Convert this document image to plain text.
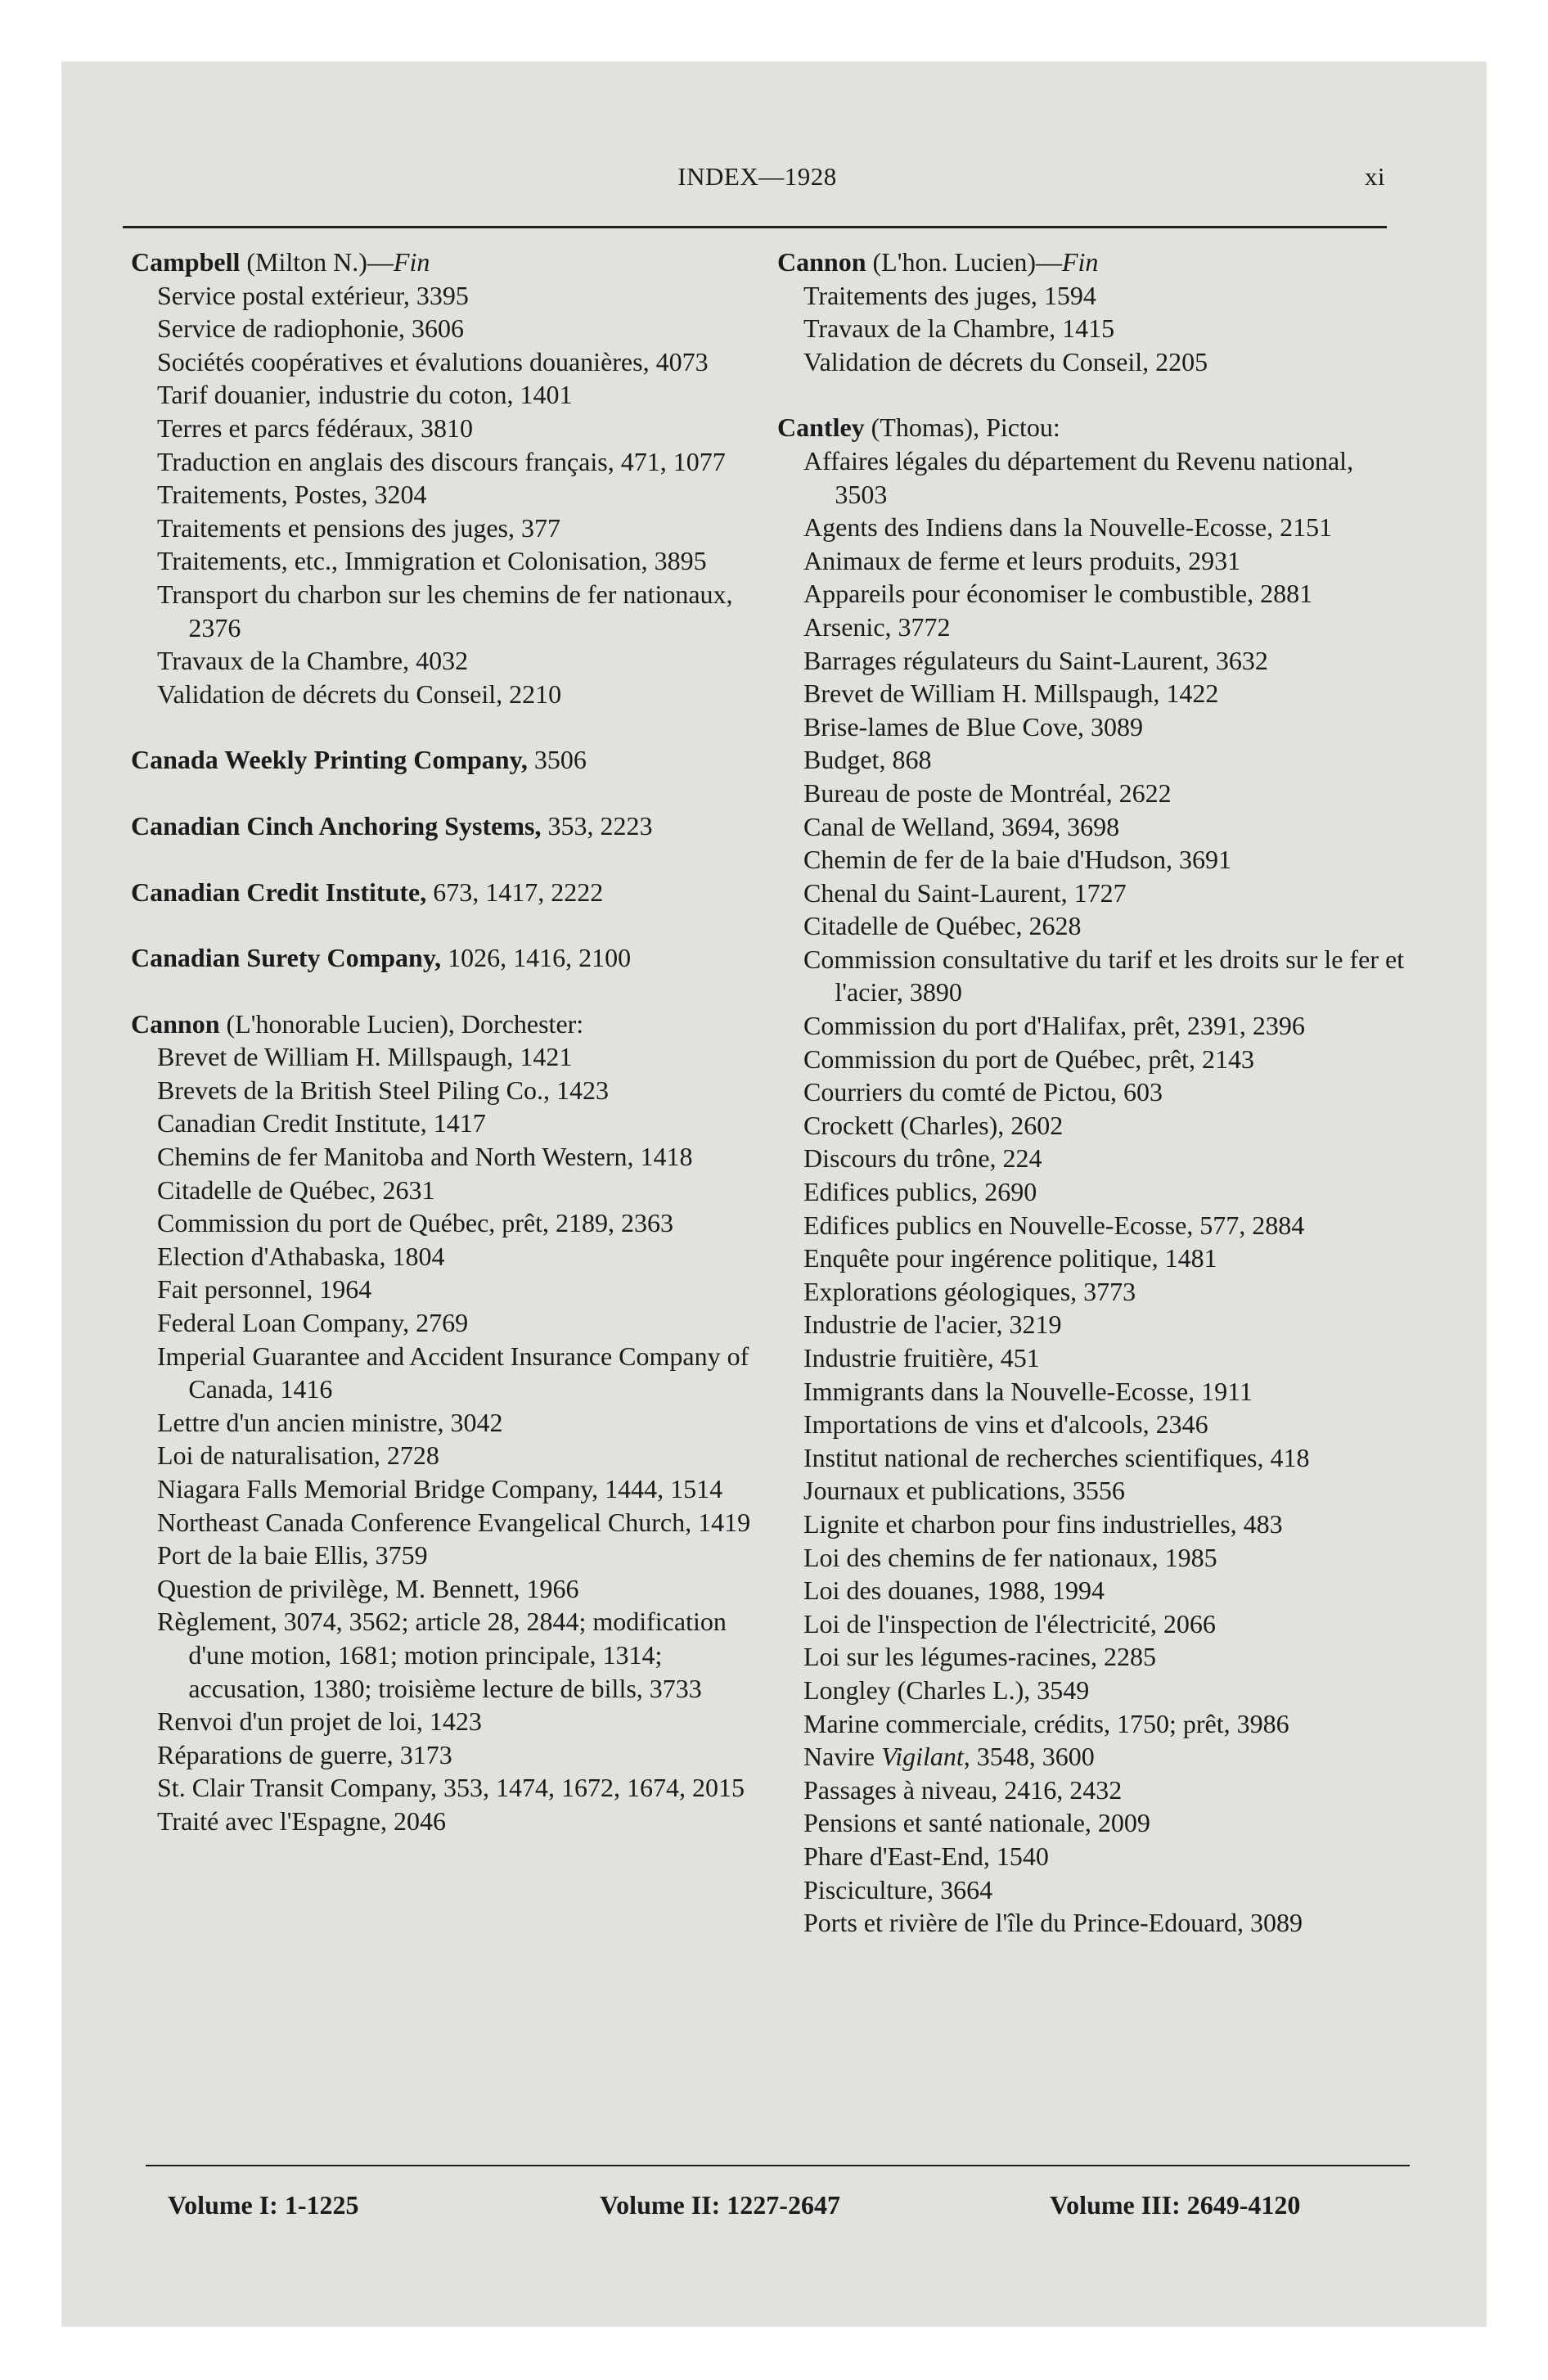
INDEX—1928	xi
Campbell (Milton N.)—Fin
Service postal extérieur, 3395
Service de radiophonie, 3606
Sociétés coopératives et évalutions douanières, 4073
Tarif douanier, industrie du coton, 1401
Terres et parcs fédéraux, 3810
Traduction en anglais des discours français, 471, 1077
Traitements, Postes, 3204
Traitements et pensions des juges, 377
Traitements, etc., Immigration et Colonisation, 3895
Transport du charbon sur les chemins de fer nationaux, 2376
Travaux de la Chambre, 4032
Validation de décrets du Conseil, 2210
Canada Weekly Printing Company, 3506
Canadian Cinch Anchoring Systems, 353, 2223
Canadian Credit Institute, 673, 1417, 2222
Canadian Surety Company, 1026, 1416, 2100
Cannon (L'honorable Lucien), Dorchester:
Brevet de William H. Millspaugh, 1421
Brevets de la British Steel Piling Co., 1423
Canadian Credit Institute, 1417
Chemins de fer Manitoba and North Western, 1418
Citadelle de Québec, 2631
Commission du port de Québec, prêt, 2189, 2363
Election d'Athabaska, 1804
Fait personnel, 1964
Federal Loan Company, 2769
Imperial Guarantee and Accident Insurance Company of Canada, 1416
Lettre d'un ancien ministre, 3042
Loi de naturalisation, 2728
Niagara Falls Memorial Bridge Company, 1444, 1514
Northeast Canada Conference Evangelical Church, 1419
Port de la baie Ellis, 3759
Question de privilège, M. Bennett, 1966
Règlement, 3074, 3562; article 28, 2844; modification d'une motion, 1681; motion principale, 1314; accusation, 1380; troisième lecture de bills, 3733
Renvoi d'un projet de loi, 1423
Réparations de guerre, 3173
St. Clair Transit Company, 353, 1474, 1672, 1674, 2015
Traité avec l'Espagne, 2046
Cannon (L'hon. Lucien)—Fin
Traitements des juges, 1594
Travaux de la Chambre, 1415
Validation de décrets du Conseil, 2205
Cantley (Thomas), Pictou:
Affaires légales du département du Revenu national, 3503
Agents des Indiens dans la Nouvelle-Ecosse, 2151
Animaux de ferme et leurs produits, 2931
Appareils pour économiser le combustible, 2881
Arsenic, 3772
Barrages régulateurs du Saint-Laurent, 3632
Brevet de William H. Millspaugh, 1422
Brise-lames de Blue Cove, 3089
Budget, 868
Bureau de poste de Montréal, 2622
Canal de Welland, 3694, 3698
Chemin de fer de la baie d'Hudson, 3691
Chenal du Saint-Laurent, 1727
Citadelle de Québec, 2628
Commission consultative du tarif et les droits sur le fer et l'acier, 3890
Commission du port d'Halifax, prêt, 2391, 2396
Commission du port de Québec, prêt, 2143
Courriers du comté de Pictou, 603
Crockett (Charles), 2602
Discours du trône, 224
Edifices publics, 2690
Edifices publics en Nouvelle-Ecosse, 577, 2884
Enquête pour ingérence politique, 1481
Explorations géologiques, 3773
Industrie de l'acier, 3219
Industrie fruitière, 451
Immigrants dans la Nouvelle-Ecosse, 1911
Importations de vins et d'alcools, 2346
Institut national de recherches scientifiques, 418
Journaux et publications, 3556
Lignite et charbon pour fins industrielles, 483
Loi des chemins de fer nationaux, 1985
Loi des douanes, 1988, 1994
Loi de l'inspection de l'électricité, 2066
Loi sur les légumes-racines, 2285
Longley (Charles L.), 3549
Marine commerciale, crédits, 1750; prêt, 3986
Navire Vigilant, 3548, 3600
Passages à niveau, 2416, 2432
Pensions et santé nationale, 2009
Phare d'East-End, 1540
Pisciculture, 3664
Ports et rivière de l'île du Prince-Edouard, 3089
Volume I: 1-1225	Volume II: 1227-2647	Volume III: 2649-4120
